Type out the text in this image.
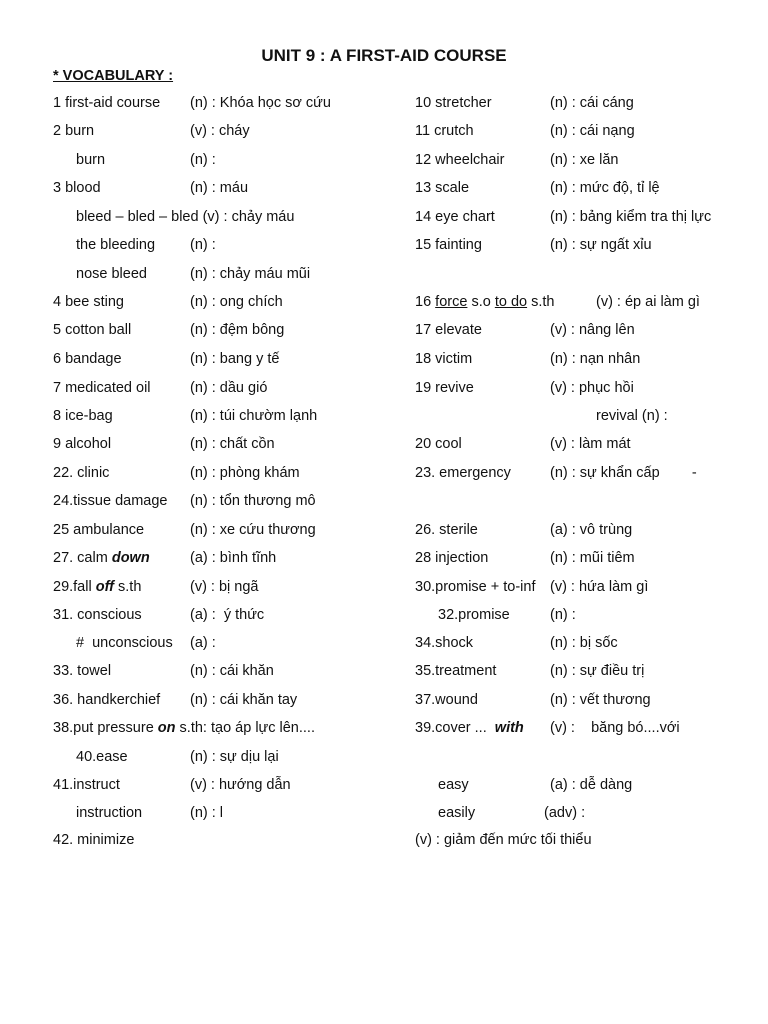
UNIT 9 : A FIRST-AID COURSE
* VOCABULARY :
1 first-aid course (n) : Khóa học sơ cứu	10 stretcher	(n) : cái cáng
2 burn	(v) : cháy	11 crutch	(n) : cái nạng
burn	(n) :	12 wheelchair	(n) : xe lăn
3 blood	(n) : máu	13 scale	(n) : mức độ, tỉ lệ
bleed – bled – bled (v) : chảy máu	14 eye chart	(n) : bảng kiểm tra thị lực
the bleeding (n) :	15 fainting	(n) : sự ngất xỉu
nose bleed	(n) : chảy máu mũi
4 bee sting	(n) : ong chích	16 force s.o to do s.th	(v) : ép ai làm gì
5 cotton ball	(n) : đệm bông	17 elevate	(v) : nâng lên
6 bandage	(n) : bang y tế	18 victim	(n) : nạn nhân
7 medicated oil	(n) : dầu gió	19 revive	(v) : phục hồi
8 ice-bag	(n) : túi chườm lạnh	revival (n) :
9 alcohol	(n) : chất cồn	20 cool	(v) : làm mát
22. clinic	(n) : phòng khám	23. emergency	(n) : sự khẩn cấp        -
24.tissue damage (n) : tổn thương mô
25 ambulance	(n) : xe cứu thương	26. sterile	(a) : vô trùng
27. calm down	(a) : bình tĩnh	28 injection	(n) : mũi tiêm
29.fall off s.th	(v) : bị ngã	30.promise + to-inf (v) : hứa làm gì
31. conscious	(a) :  ý thức	32.promise	(n) :
#  unconscious (a) :	34.shock	(n) : bị sốc
33. towel	(n) : cái khăn	35.treatment	(n) : sự điều trị
36. handkerchief (n) : cái khăn tay	37.wound	(n) : vết thương
38.put pressure on s.th: tạo áp lực lên....	39.cover ...  with (v) :    băng bó....với
40.ease	(n) : sự dịu lại
41.instruct	(v) : hướng dẫn	easy	(a) : dễ dàng
instruction	(n) : l	easily	(adv) :
42. minimize	(v) : giảm đến mức tối thiểu
